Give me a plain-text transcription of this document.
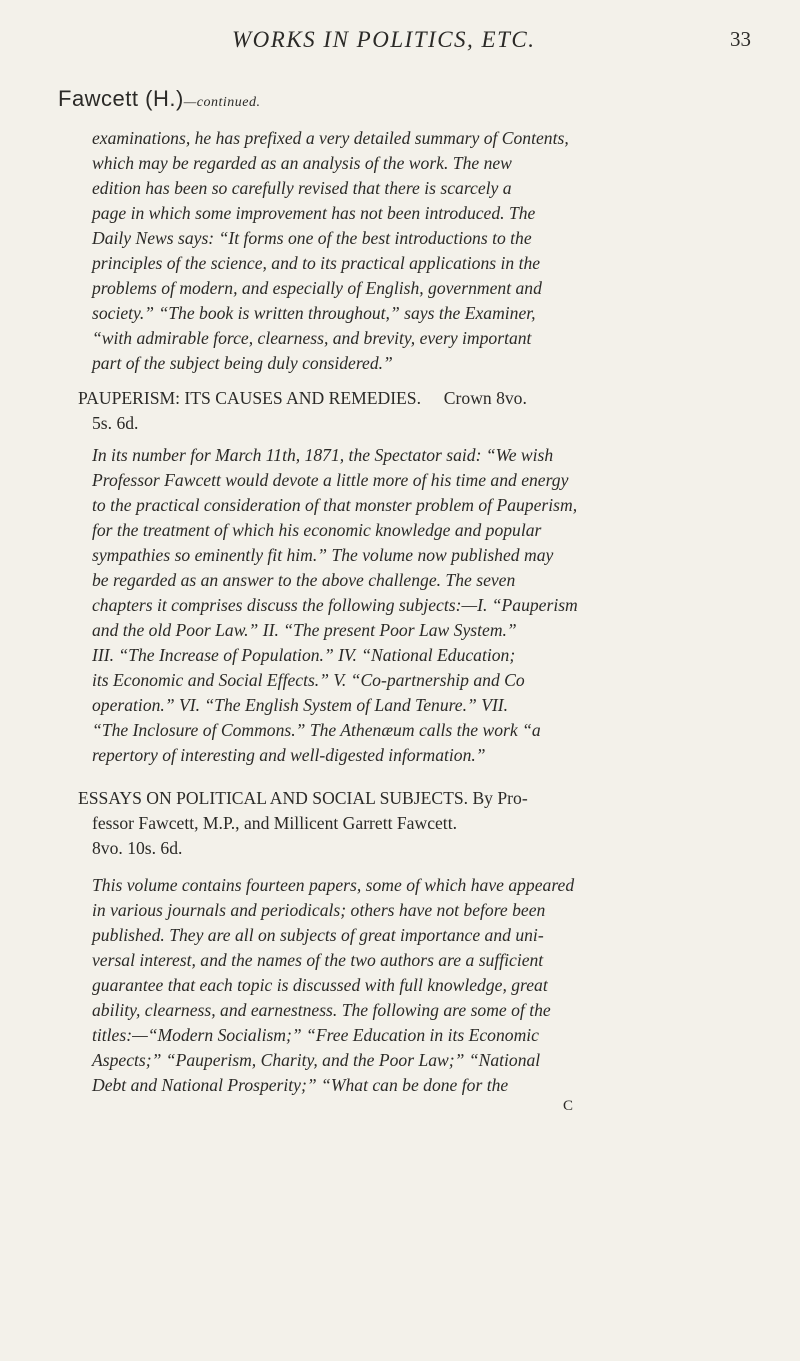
WORKS IN POLITICS, ETC.	33
Fawcett (H.)—continued.
examinations, he has prefixed a very detailed summary of Contents,
which may be regarded as an analysis of the work. The new
edition has been so carefully revised that there is scarcely a
page in which some improvement has not been introduced. The
Daily News says: “It forms one of the best introductions to the
principles of the science, and to its practical applications in the
problems of modern, and especially of English, government and
society.” “The book is written throughout,” says the Examiner,
“with admirable force, clearness, and brevity, every important
part of the subject being duly considered.”
PAUPERISM: ITS CAUSES AND REMEDIES. Crown 8vo.
5s. 6d.
In its number for March 11th, 1871, the Spectator said: “We wish
Professor Fawcett would devote a little more of his time and energy
to the practical consideration of that monster problem of Pauperism,
for the treatment of which his economic knowledge and popular
sympathies so eminently fit him.” The volume now published may
be regarded as an answer to the above challenge. The seven
chapters it comprises discuss the following subjects:—I. “Pauperism
and the old Poor Law.” II. “The present Poor Law System.”
III. “The Increase of Population.” IV. “National Education;
its Economic and Social Effects.” V. “Co-partnership and Co
operation.” VI. “The English System of Land Tenure.” VII.
“The Inclosure of Commons.” The Athenæum calls the work “a
repertory of interesting and well-digested information.”
ESSAYS ON POLITICAL AND SOCIAL SUBJECTS. By Pro-
fessor Fawcett, M.P., and Millicent Garrett Fawcett.
8vo. 10s. 6d.
This volume contains fourteen papers, some of which have appeared
in various journals and periodicals; others have not before been
published. They are all on subjects of great importance and uni-
versal interest, and the names of the two authors are a sufficient
guarantee that each topic is discussed with full knowledge, great
ability, clearness, and earnestness. The following are some of the
titles:—“Modern Socialism;” “Free Education in its Economic
Aspects;” “Pauperism, Charity, and the Poor Law;” “National
Debt and National Prosperity;” “What can be done for the
C
